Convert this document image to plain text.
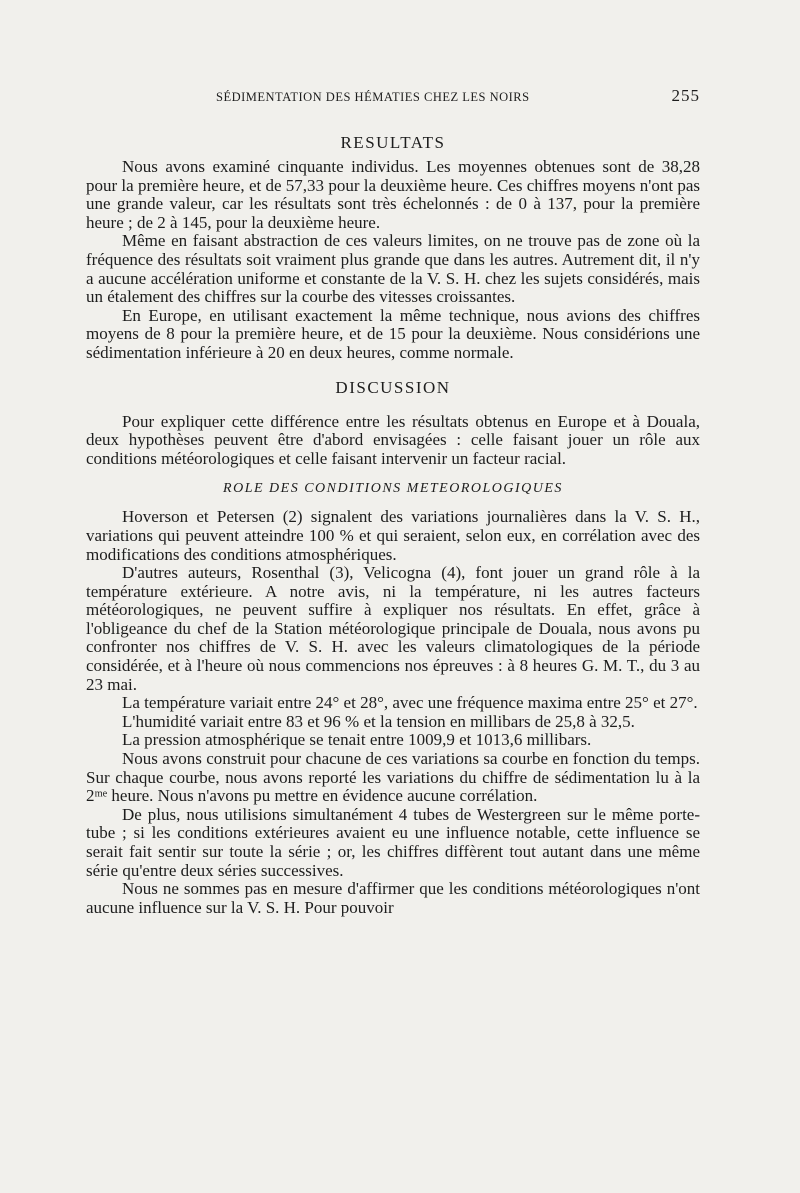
SÉDIMENTATION DES HÉMATIES CHEZ LES NOIRS	255
RESULTATS

Nous avons examiné cinquante individus. Les moyennes obtenues sont de 38,28 pour la première heure, et de 57,33 pour la deuxième heure. Ces chiffres moyens n'ont pas une grande valeur, car les résultats sont très échelonnés : de 0 à 137, pour la première heure ; de 2 à 145, pour la deuxième heure.

Même en faisant abstraction de ces valeurs limites, on ne trouve pas de zone où la fréquence des résultats soit vraiment plus grande que dans les autres. Autrement dit, il n'y a aucune accélération uniforme et constante de la V. S. H. chez les sujets considérés, mais un étalement des chiffres sur la courbe des vitesses croissantes.

En Europe, en utilisant exactement la même technique, nous avions des chiffres moyens de 8 pour la première heure, et de 15 pour la deuxième. Nous considérions une sédimentation inférieure à 20 en deux heures, comme normale.

DISCUSSION

Pour expliquer cette différence entre les résultats obtenus en Europe et à Douala, deux hypothèses peuvent être d'abord envisagées : celle faisant jouer un rôle aux conditions météorologiques et celle faisant intervenir un facteur racial.

ROLE DES CONDITIONS METEOROLOGIQUES

Hoverson et Petersen (2) signalent des variations journalières dans la V. S. H., variations qui peuvent atteindre 100 % et qui seraient, selon eux, en corrélation avec des modifications des conditions atmosphériques.

D'autres auteurs, Rosenthal (3), Velicogna (4), font jouer un grand rôle à la température extérieure. A notre avis, ni la température, ni les autres facteurs météorologiques, ne peuvent suffire à expliquer nos résultats. En effet, grâce à l'obligeance du chef de la Station météorologique principale de Douala, nous avons pu confronter nos chiffres de V. S. H. avec les valeurs climatologiques de la période considérée, et à l'heure où nous commencions nos épreuves : à 8 heures G. M. T., du 3 au 23 mai.

La température variait entre 24° et 28°, avec une fréquence maxima entre 25° et 27°.

L'humidité variait entre 83 et 96 % et la tension en millibars de 25,8 à 32,5.

La pression atmosphérique se tenait entre 1009,9 et 1013,6 millibars.

Nous avons construit pour chacune de ces variations sa courbe en fonction du temps. Sur chaque courbe, nous avons reporté les variations du chiffre de sédimentation lu à la 2ᵐᵉ heure. Nous n'avons pu mettre en évidence aucune corrélation.

De plus, nous utilisions simultanément 4 tubes de Westergreen sur le même porte-tube ; si les conditions extérieures avaient eu une influence notable, cette influence se serait fait sentir sur toute la série ; or, les chiffres diffèrent tout autant dans une même série qu'entre deux séries successives.

Nous ne sommes pas en mesure d'affirmer que les conditions météorologiques n'ont aucune influence sur la V. S. H. Pour pouvoir
